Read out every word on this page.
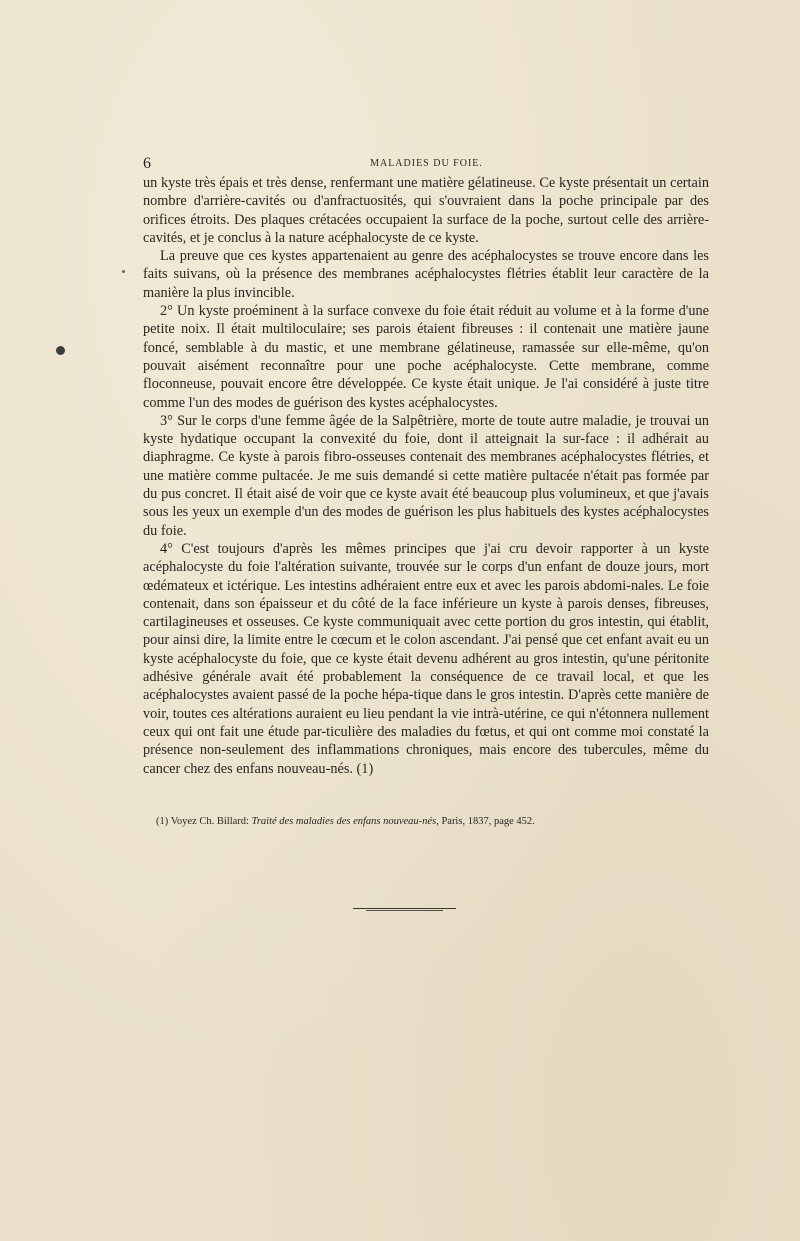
6	MALADIES DU FOIE.

un kyste très épais et très dense, renfermant une matière gélatineuse. Ce kyste présentait un certain nombre d'arrière-cavités ou d'anfractuosités, qui s'ouvraient dans la poche principale par des orifices étroits. Des plaques crétacées occupaient la surface de la poche, surtout celle des arrière-cavités, et je conclus à la nature acéphalocyste de ce kyste.

La preuve que ces kystes appartenaient au genre des acéphalocystes se trouve encore dans les faits suivans, où la présence des membranes acéphalocystes flétries établit leur caractère de la manière la plus invincible.

2° Un kyste proéminent à la surface convexe du foie était réduit au volume et à la forme d'une petite noix. Il était multiloculaire; ses parois étaient fibreuses : il contenait une matière jaune foncé, semblable à du mastic, et une membrane gélatineuse, ramassée sur elle-même, qu'on pouvait aisément reconnaître pour une poche acéphalocyste. Cette membrane, comme floconneuse, pouvait encore être développée. Ce kyste était unique. Je l'ai considéré à juste titre comme l'un des modes de guérison des kystes acéphalocystes.

3° Sur le corps d'une femme âgée de la Salpêtrière, morte de toute autre maladie, je trouvai un kyste hydatique occupant la convexité du foie, dont il atteignait la sur-face : il adhérait au diaphragme. Ce kyste à parois fibro-osseuses contenait des membranes acéphalocystes flétries, et une matière comme pultacée. Je me suis demandé si cette matière pultacée n'était pas formée par du pus concret. Il était aisé de voir que ce kyste avait été beaucoup plus volumineux, et que j'avais sous les yeux un exemple d'un des modes de guérison les plus habituels des kystes acéphalocystes du foie.

4° C'est toujours d'après les mêmes principes que j'ai cru devoir rapporter à un kyste acéphalocyste du foie l'altération suivante, trouvée sur le corps d'un enfant de douze jours, mort œdémateux et ictérique. Les intestins adhéraient entre eux et avec les parois abdomi-nales. Le foie contenait, dans son épaisseur et du côté de la face inférieure un kyste à parois denses, fibreuses, cartilagineuses et osseuses. Ce kyste communiquait avec cette portion du gros intestin, qui établit, pour ainsi dire, la limite entre le cœcum et le colon ascendant. J'ai pensé que cet enfant avait eu un kyste acéphalocyste du foie, que ce kyste était devenu adhérent au gros intestin, qu'une péritonite adhésive générale avait été probablement la conséquence de ce travail local, et que les acéphalocystes avaient passé de la poche hépa-tique dans le gros intestin. D'après cette manière de voir, toutes ces altérations auraient eu lieu pendant la vie intrà-utérine, ce qui n'étonnera nullement ceux qui ont fait une étude par-ticulière des maladies du fœtus, et qui ont comme moi constaté la présence non-seulement des inflammations chroniques, mais encore des tubercules, même du cancer chez des enfans nouveau-nés. (1)

(1) Voyez Ch. Billard: Traité des maladies des enfans nouveau-nés, Paris, 1837, page 452.
